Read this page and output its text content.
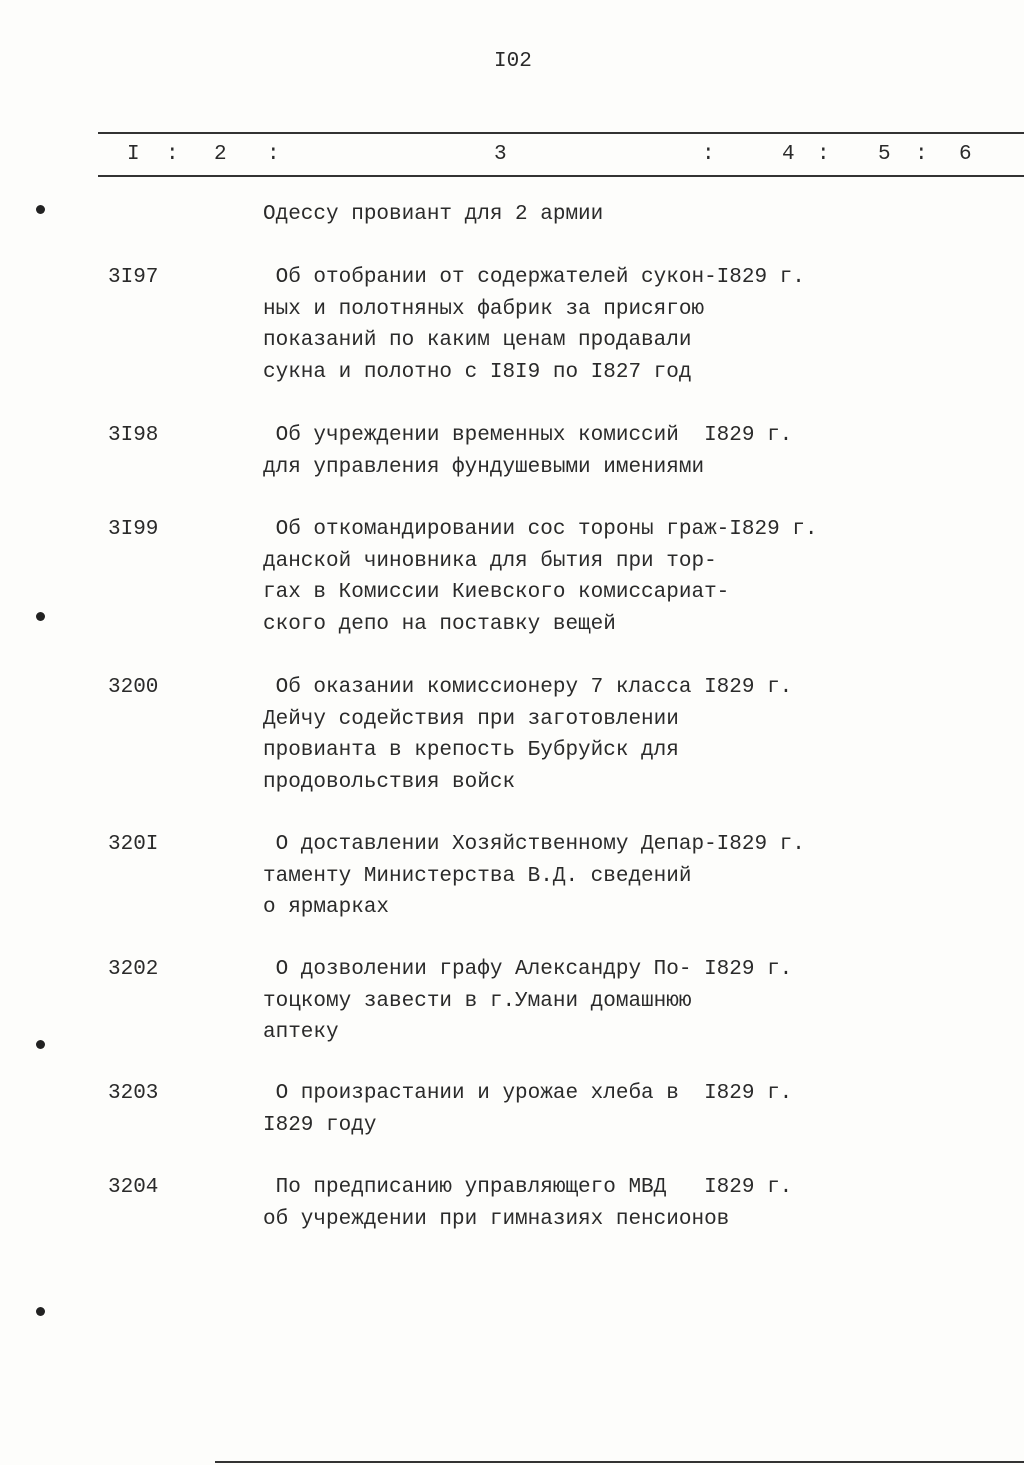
I02
I : 2 :	3	:	4 : 5 : 6
Одессу провиант для 2 армии
3I97	Об отобрании от содержателей сукон-I829 г.
ных и полотняных фабрик за присягою
показаний по каким ценам продавали
сукна и полотно с I8I9 по I827 год
3I98	Об учреждении временных комиссий  I829 г.
для управления фундушевыми имениями
3I99	Об откомандировании сос тороны граж-I829 г.
данской чиновника для бытия при тор-
гах в Комиссии Киевского комиссариат-
ского депо на поставку вещей
3200	Об оказании комиссионеру 7 класса I829 г.
Дейчу содействия при заготовлении
провианта в крепость Бубруйск для
продовольствия войск
320I	О доставлении Хозяйственному Депар-I829 г.
таменту Министерства В.Д. сведений
о ярмарках
3202	О дозволении графу Александру По- I829 г.
тоцкому завести в г.Умани домашнюю
аптеку
3203	О произрастании и урожае хлеба в  I829 г.
I829 году
3204	По предписанию управляющего МВД   I829 г.
об учреждении при гимназиях пенсионов
